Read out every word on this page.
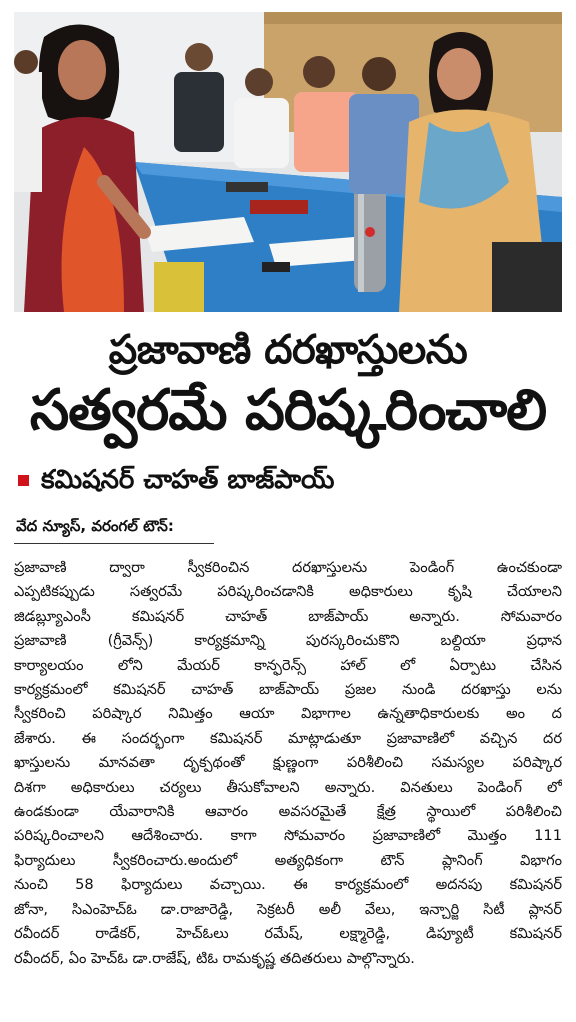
ప్రజావాణి దరఖాస్తులను
సత్వరమే పరిష్కరించాలి
కమిషనర్ చాహత్ బాజ్‌పాయ్
వేద న్యూస్, వరంగల్ టౌన్:
ప్రజావాణి ద్వారా స్వీకరించిన దరఖాస్తులను పెండింగ్ ఉంచకుండా
ఎప్పటికప్పుడు సత్వరమే పరిష్కరించడానికి అధికారులు కృషి చేయాలని
జిడబ్ల్యూఎంసీ కమిషనర్ చాహత్ బాజ్‌పాయ్ అన్నారు. సోమవారం
ప్రజావాణి (గ్రీవెన్స్) కార్యక్రమాన్ని పురస్కరించుకొని బల్దియా ప్రధాన
కార్యాలయం లోని మేయర్ కాన్ఫరెన్స్ హాల్ లో ఏర్పాటు చేసిన
కార్యక్రమంలో కమిషనర్ చాహత్ బాజ్‌పాయ్ ప్రజల నుండి దరఖాస్తు లను
స్వీకరించి పరిష్కార నిమిత్తం ఆయా విభాగాల ఉన్నతాధికారులకు అం ద
జేశారు. ఈ సందర్భంగా కమిషనర్ మాట్లాడుతూ ప్రజావాణిలో వచ్చిన దర
ఖాస్తులను మానవతా దృక్పథంతో క్షుణ్ణంగా పరిశీలించి సమస్యల పరిష్కార
దిశగా అధికారులు చర్యలు తీసుకోవాలని అన్నారు. వినతులు పెండింగ్ లో
ఉండకుండా యేవారానికి ఆవారం అవసరమైతే క్షేత్ర స్థాయిలో పరిశీలించి
పరిష్కరించాలని ఆదేశించారు. కాగా సోమవారం ప్రజావాణిలో మొత్తం 111
ఫిర్యాదులు స్వీకరించారు.అందులో అత్యధికంగా టౌన్ ప్లానింగ్ విభాగం
నుంచి 58 ఫిర్యాదులు వచ్చాయి. ఈ కార్యక్రమంలో అదనపు కమిషనర్
జోనా, సిఎంహెచ్ఓ డా.రాజారెడ్డి, సెక్రటరీ అలీ వేలు, ఇన్చార్జి సిటీ ప్లానర్
రవీందర్ రాడేకర్, హెచ్ఓలు రమేష్, లక్ష్మారెడ్డి, డిప్యూటీ కమిషనర్
రవీందర్, ఏం హెచ్ఓ డా.రాజేష్, టిఓ రామకృష్ణ తదితరులు పాల్గొన్నారు.
